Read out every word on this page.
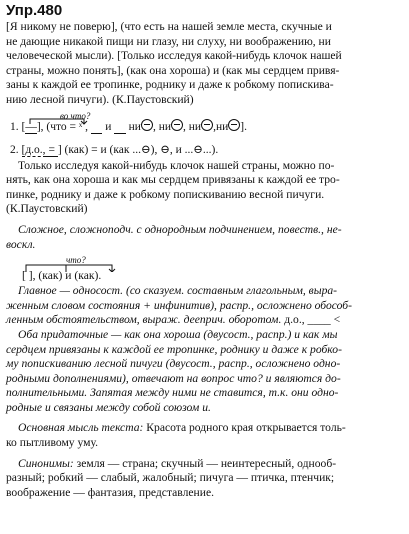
Упр.480

[Я никому не поверю], (что есть на нашей земле места, скучные и

не дающие никакой пищи ни глазу, ни слуху, ни воображению, ни

человеческой мысли). [Только исследуя какой-нибудь клочок нашей

страны, можно понять], (как она хороша) и (как мы сердцем привя-

заны к каждой ее тропинке, роднику и даже к робкому попискива-

нию лесной пичуги). (К.Паустовский)

во что?
1. [—], (что = ˣ , и ни , ни , ни ,ни ].
2. [д.о., = ] (как) = и (как ...⊖), ⊖, и ...⊖...).

Только исследуя какой-нибудь клочок нашей страны, можно по-

нять, как она хороша и как мы сердцем привязаны к каждой ее тро-

пинке, роднику и даже к робкому попискиванию весной пичуги.

(К.Паустовский)

Сложное, сложноподч. с однородным подчинением, повеств., не-

воскл.

что?
[ ], (как) и (как).

Главное — односост. (со сказуем. составным глагольным, выра-

женным словом состояния + инфинитив), распр., осложнено обособ-

ленным обстоятельством, выраж. дееприч. оборотом. д.о., ____ <

Оба придаточные — как она хороша (двусост., распр.) и как мы

сердцем привязаны к каждой ее тропинке, роднику и даже к робко-

му попискиванию лесной пичуги (двусост., распр., осложнено одно-

родными дополнениями), отвечают на вопрос что? и являются до-

полнительными. Запятая между ними не ставится, т.к. они одно-

родные и связаны между собой союзом и.

Основная мысль текста: Красота родного края открывается толь-

ко пытливому уму.

Синонимы: земля — страна; скучный — неинтересный, однооб-

разный; робкий — слабый, жалобный; пичуга — птичка, птенчик;

воображение — фантазия, представление.
